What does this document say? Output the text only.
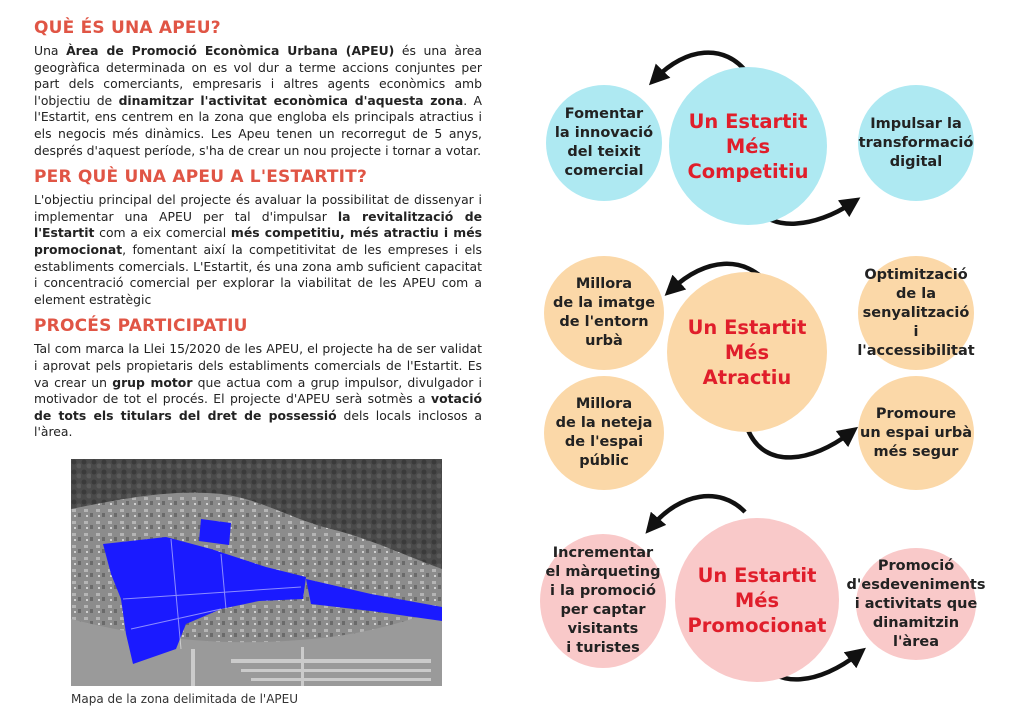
QUÈ ÉS UNA APEU?

Una Àrea de Promoció Econòmica Urbana (APEU) és una àrea geogràfica determinada on es vol dur a terme accions conjuntes per part dels comerciants, empresaris i altres agents econòmics amb l'objectiu de dinamitzar l'activitat econòmica d'aquesta zona. A l'Estartit, ens centrem en la zona que engloba els principals atractius i els negocis més dinàmics. Les Apeu tenen un recorregut de 5 anys, després d'aquest període, s'ha de crear un nou projecte i tornar a votar.

PER QUÈ UNA APEU A L'ESTARTIT?

L'objectiu principal del projecte és avaluar la possibilitat de dissenyar i implementar una APEU per tal d'impulsar la revitalització de l'Estartit com a eix comercial més competitiu, més atractiu i més promocionat, fomentant així la competitivitat de les empreses i els establiments comercials. L'Estartit, és una zona amb suficient capacitat i concentració comercial per explorar la viabilitat de les APEU com a element estratègic

PROCÉS PARTICIPATIU

Tal com marca la Llei 15/2020 de les APEU, el projecte ha de ser validat i aprovat pels propietaris dels establiments comercials de l'Estartit. Es va crear un grup motor que actua com a grup impulsor, divulgador i motivador de tot el procés. El projecte d'APEU serà sotmès a votació de tots els titulars del dret de possessió dels locals inclosos a l'àrea.

Mapa de la zona delimitada de l'APEU
Fomentar
la innovació
del teixit
comercial
Un Estartit
Més
Competitiu
Impulsar la
transformació
digital
Millora
de la imatge
de l'entorn
urbà
Un Estartit
Més
Atractiu
Optimització
de la senyalització
i l'accessibilitat
Millora
de la neteja
de l'espai
públic
Promoure
un espai urbà
més segur
Incrementar
el màrqueting
i la promoció
per captar
visitants
i turistes
Un Estartit
Més
Promocionat
Promoció
d'esdeveniments
i activitats que
dinamitzin
l'àrea
